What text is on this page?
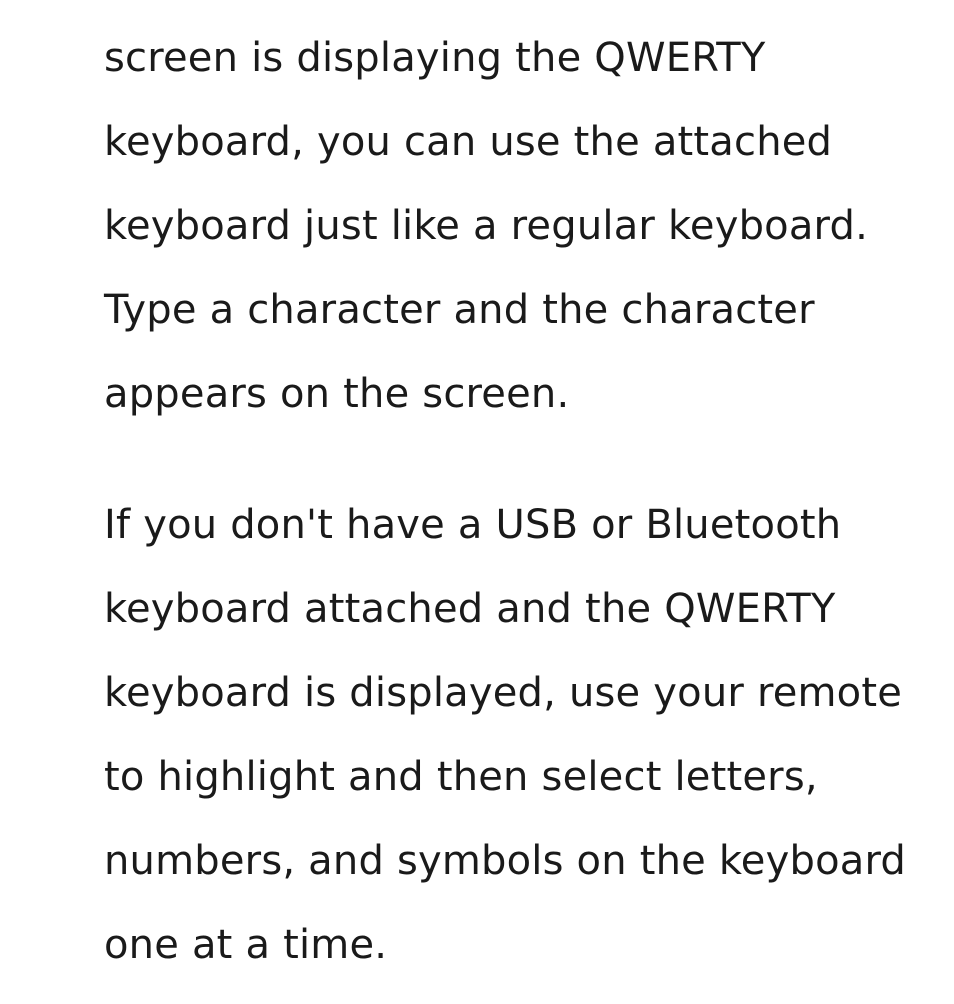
screen is displaying the QWERTY
keyboard, you can use the attached
keyboard just like a regular keyboard.
Type a character and the character
appears on the screen.

If you don't have a USB or Bluetooth
keyboard attached and the QWERTY
keyboard is displayed, use your remote
to highlight and then select letters,
numbers, and symbols on the keyboard
one at a time.
